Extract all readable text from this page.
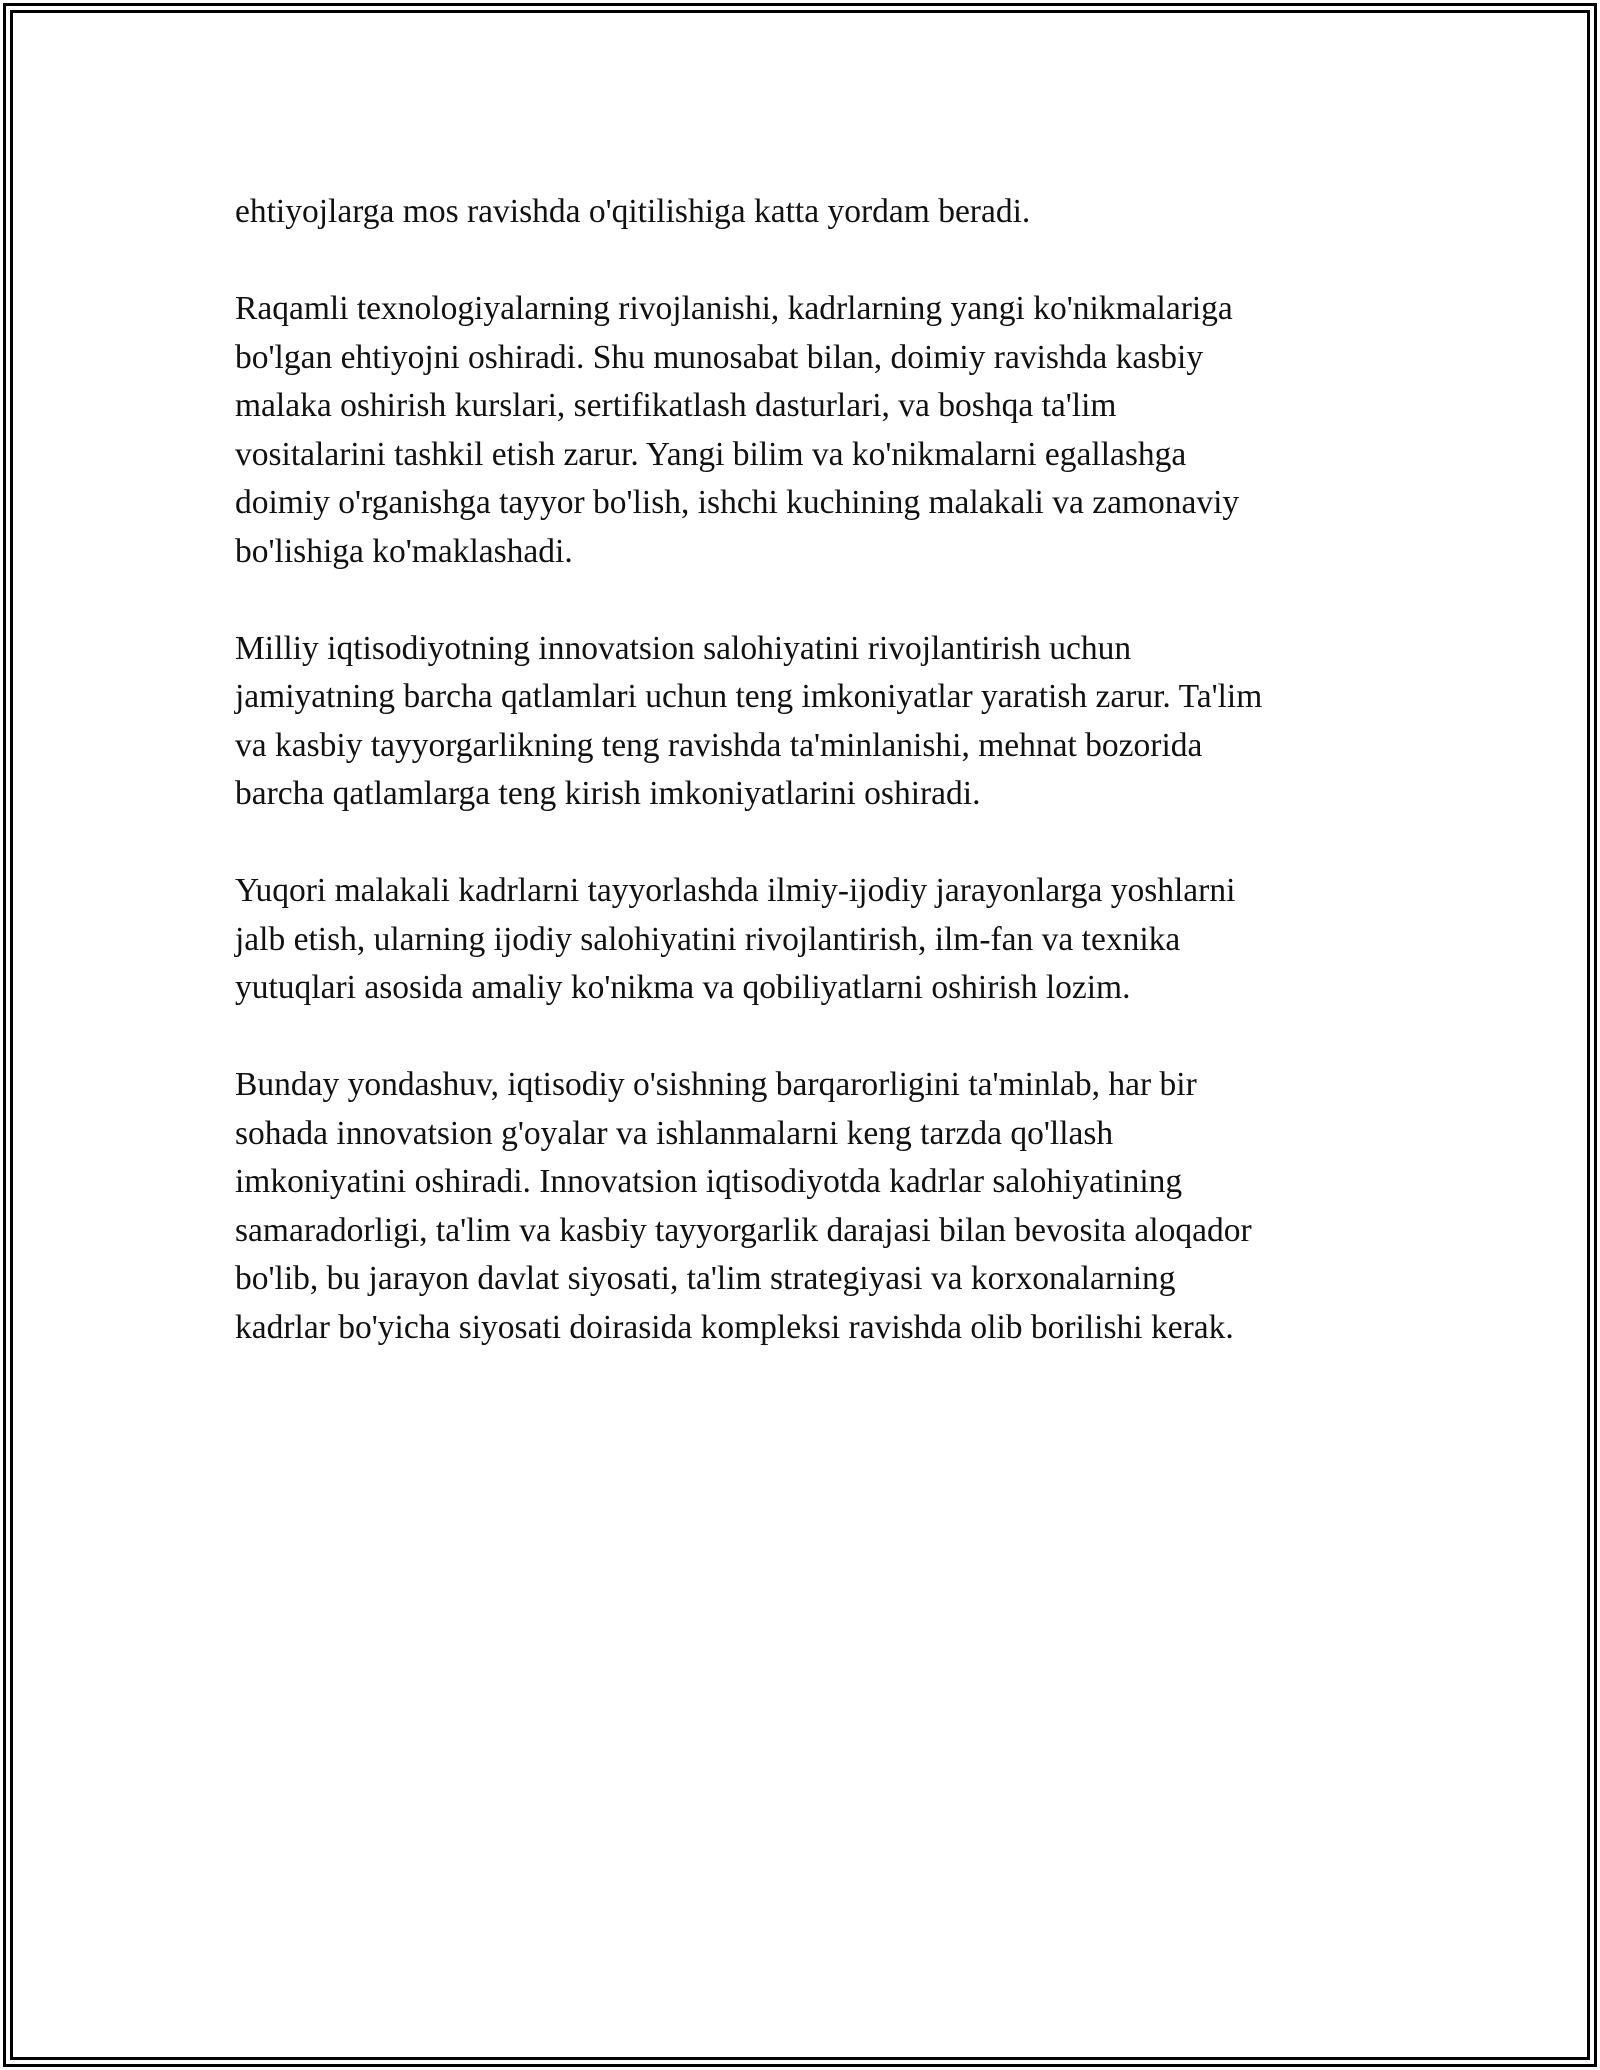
ehtiyojlarga mos ravishda o'qitilishiga katta yordam beradi.
Raqamli texnologiyalarning rivojlanishi, kadrlarning yangi ko'nikmalariga
bo'lgan ehtiyojni oshiradi. Shu munosabat bilan, doimiy ravishda kasbiy
malaka oshirish kurslari, sertifikatlash dasturlari, va boshqa ta'lim
vositalarini tashkil etish zarur. Yangi bilim va ko'nikmalarni egallashga
doimiy o'rganishga tayyor bo'lish, ishchi kuchining malakali va zamonaviy
bo'lishiga ko'maklashadi.
Milliy iqtisodiyotning innovatsion salohiyatini rivojlantirish uchun
jamiyatning barcha qatlamlari uchun teng imkoniyatlar yaratish zarur. Ta'lim
va kasbiy tayyorgarlikning teng ravishda ta'minlanishi, mehnat bozorida
barcha qatlamlarga teng kirish imkoniyatlarini oshiradi.
Yuqori malakali kadrlarni tayyorlashda ilmiy-ijodiy jarayonlarga yoshlarni
jalb etish, ularning ijodiy salohiyatini rivojlantirish, ilm-fan va texnika
yutuqlari asosida amaliy ko'nikma va qobiliyatlarni oshirish lozim.
Bunday yondashuv, iqtisodiy o'sishning barqarorligini ta'minlab, har bir
sohada innovatsion g'oyalar va ishlanmalarni keng tarzda qo'llash
imkoniyatini oshiradi. Innovatsion iqtisodiyotda kadrlar salohiyatining
samaradorligi, ta'lim va kasbiy tayyorgarlik darajasi bilan bevosita aloqador
bo'lib, bu jarayon davlat siyosati, ta'lim strategiyasi va korxonalarning
kadrlar bo'yicha siyosati doirasida kompleksi ravishda olib borilishi kerak.
